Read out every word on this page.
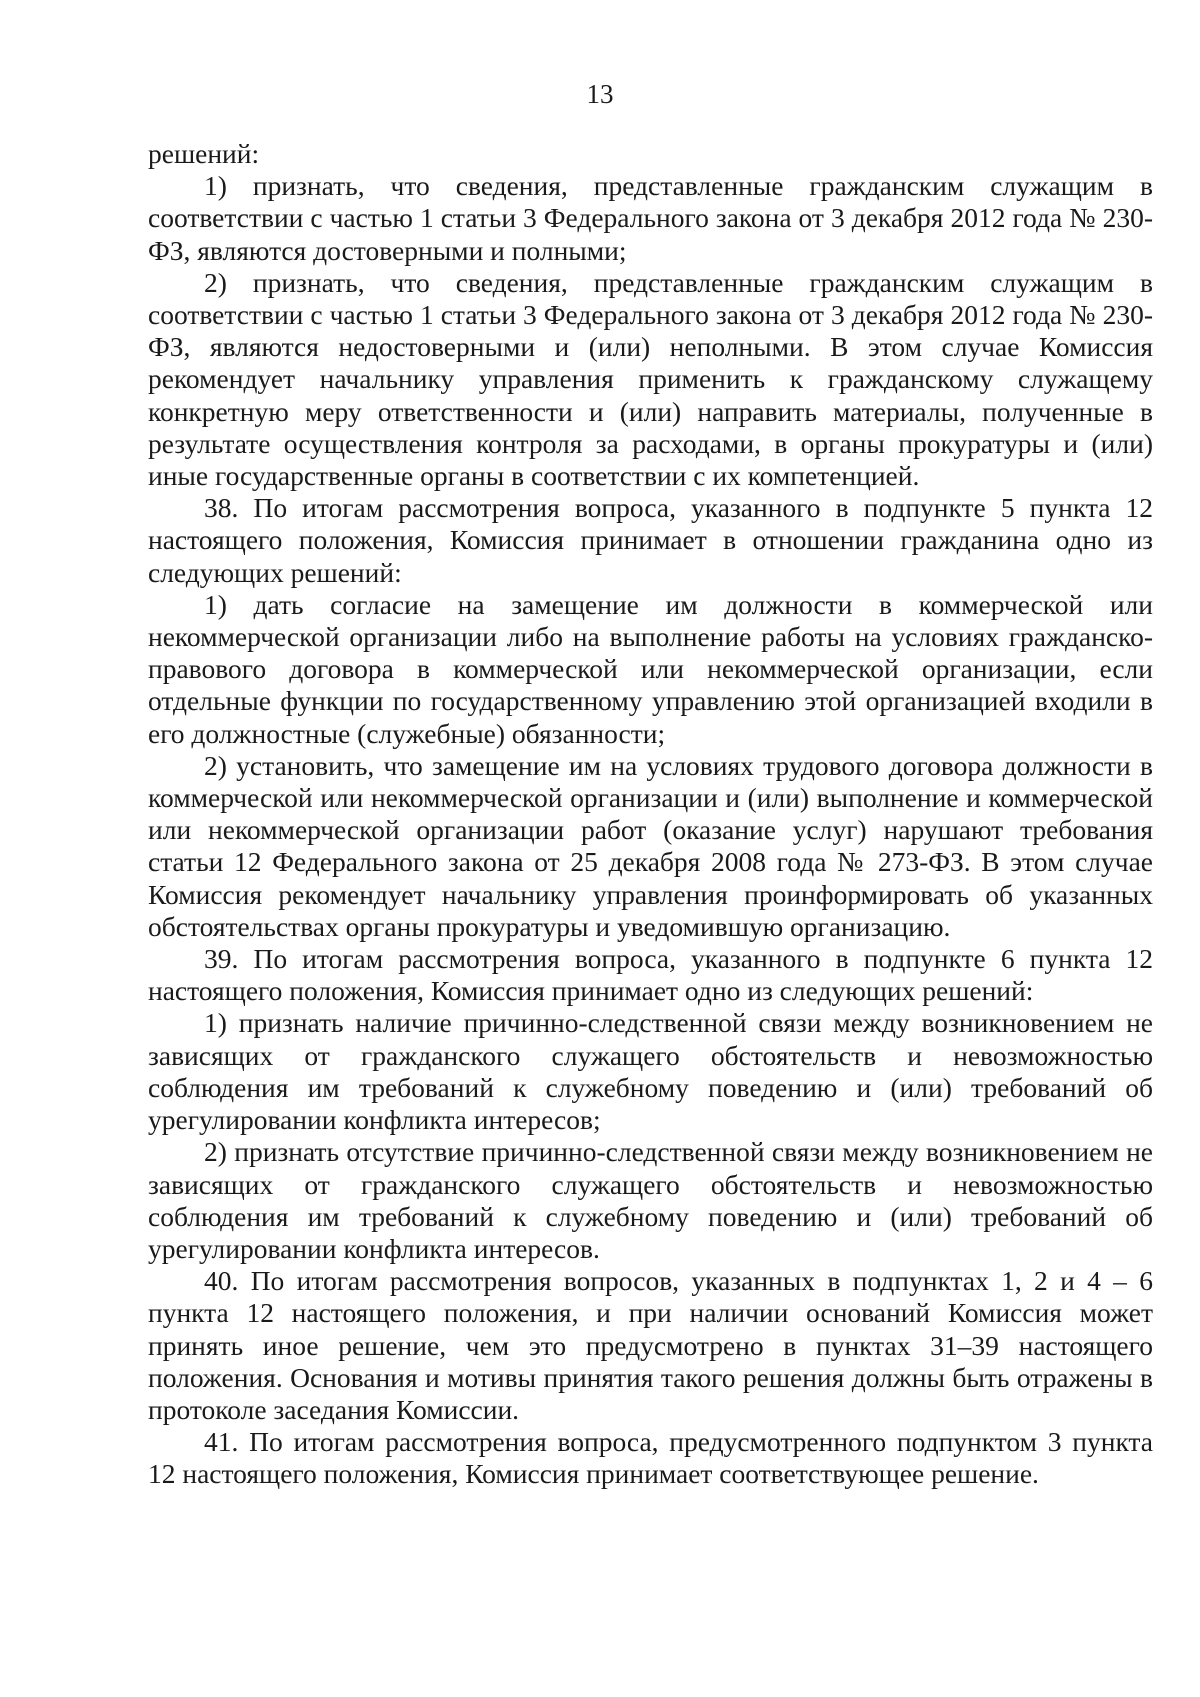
13

решений:

1) признать, что сведения, представленные гражданским служащим в соответствии с частью 1 статьи 3 Федерального закона от 3 декабря 2012 года № 230-ФЗ, являются достоверными и полными;

2) признать, что сведения, представленные гражданским служащим в соответствии с частью 1 статьи 3 Федерального закона от 3 декабря 2012 года № 230-ФЗ, являются недостоверными и (или) неполными. В этом случае Комиссия рекомендует начальнику управления применить к гражданскому служащему конкретную меру ответственности и (или) направить материалы, полученные в результате осуществления контроля за расходами, в органы прокуратуры и (или) иные государственные органы в соответствии с их компетенцией.

38. По итогам рассмотрения вопроса, указанного в подпункте 5 пункта 12 настоящего положения, Комиссия принимает в отношении гражданина одно из следующих решений:

1) дать согласие на замещение им должности в коммерческой или некоммерческой организации либо на выполнение работы на условиях гражданско-правового договора в коммерческой или некоммерческой организации, если отдельные функции по государственному управлению этой организацией входили в его должностные (служебные) обязанности;

2) установить, что замещение им на условиях трудового договора должности в коммерческой или некоммерческой организации и (или) выполнение и коммерческой или некоммерческой организации работ (оказание услуг) нарушают требования статьи 12 Федерального закона от 25 декабря 2008 года № 273-ФЗ. В этом случае Комиссия рекомендует начальнику управления проинформировать об указанных обстоятельствах органы прокуратуры и уведомившую организацию.

39. По итогам рассмотрения вопроса, указанного в подпункте 6 пункта 12 настоящего положения, Комиссия принимает одно из следующих решений:

1) признать наличие причинно-следственной связи между возникновением не зависящих от гражданского служащего обстоятельств и невозможностью соблюдения им требований к служебному поведению и (или) требований об урегулировании конфликта интересов;

2) признать отсутствие причинно-следственной связи между возникновением не зависящих от гражданского служащего обстоятельств и невозможностью соблюдения им требований к служебному поведению и (или) требований об урегулировании конфликта интересов.

40. По итогам рассмотрения вопросов, указанных в подпунктах 1, 2 и 4 – 6 пункта 12 настоящего положения, и при наличии оснований Комиссия может принять иное решение, чем это предусмотрено в пунктах 31–39 настоящего положения. Основания и мотивы принятия такого решения должны быть отражены в протоколе заседания Комиссии.

41. По итогам рассмотрения вопроса, предусмотренного подпунктом 3 пункта 12 настоящего положения, Комиссия принимает соответствующее решение.
